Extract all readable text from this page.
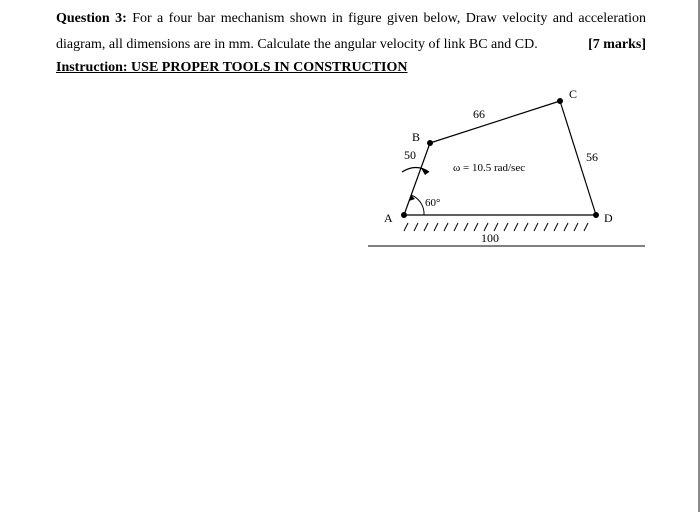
Question 3: For a four bar mechanism shown in figure given below, Draw velocity and acceleration
diagram, all dimensions are in mm. Calculate the angular velocity of link BC and CD.	[7 marks]
Instruction: USE PROPER TOOLS IN CONSTRUCTION
A
B
C
D
50
66
56
100
60°
ω = 10.5 rad/sec
